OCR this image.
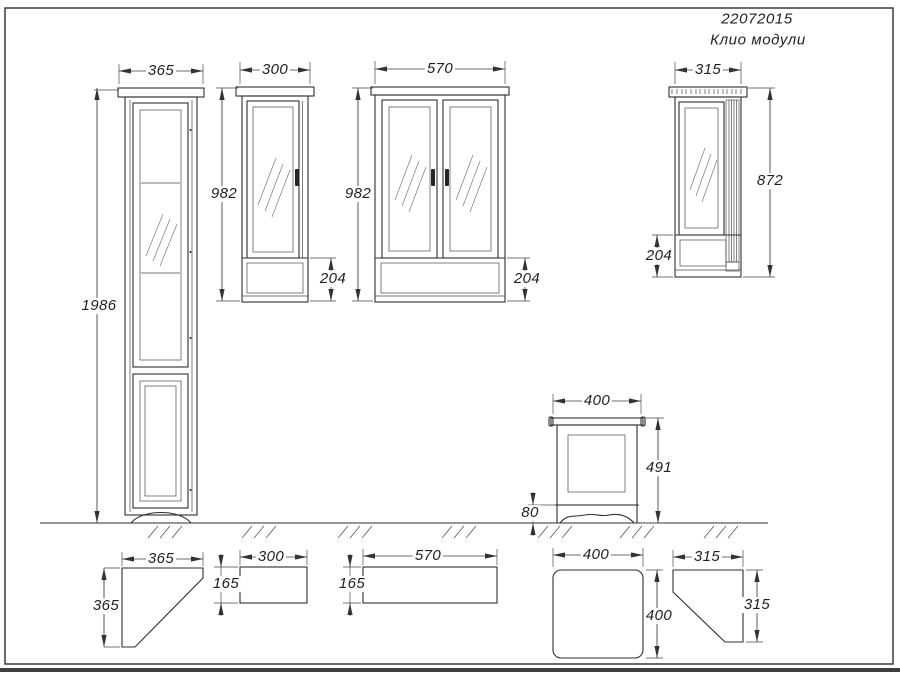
22072015
Клио модули
365
1986
300
982
204
570
982
204
315
872
204
400
491
80
365
365
300
165
570
165
400
400
315
315
